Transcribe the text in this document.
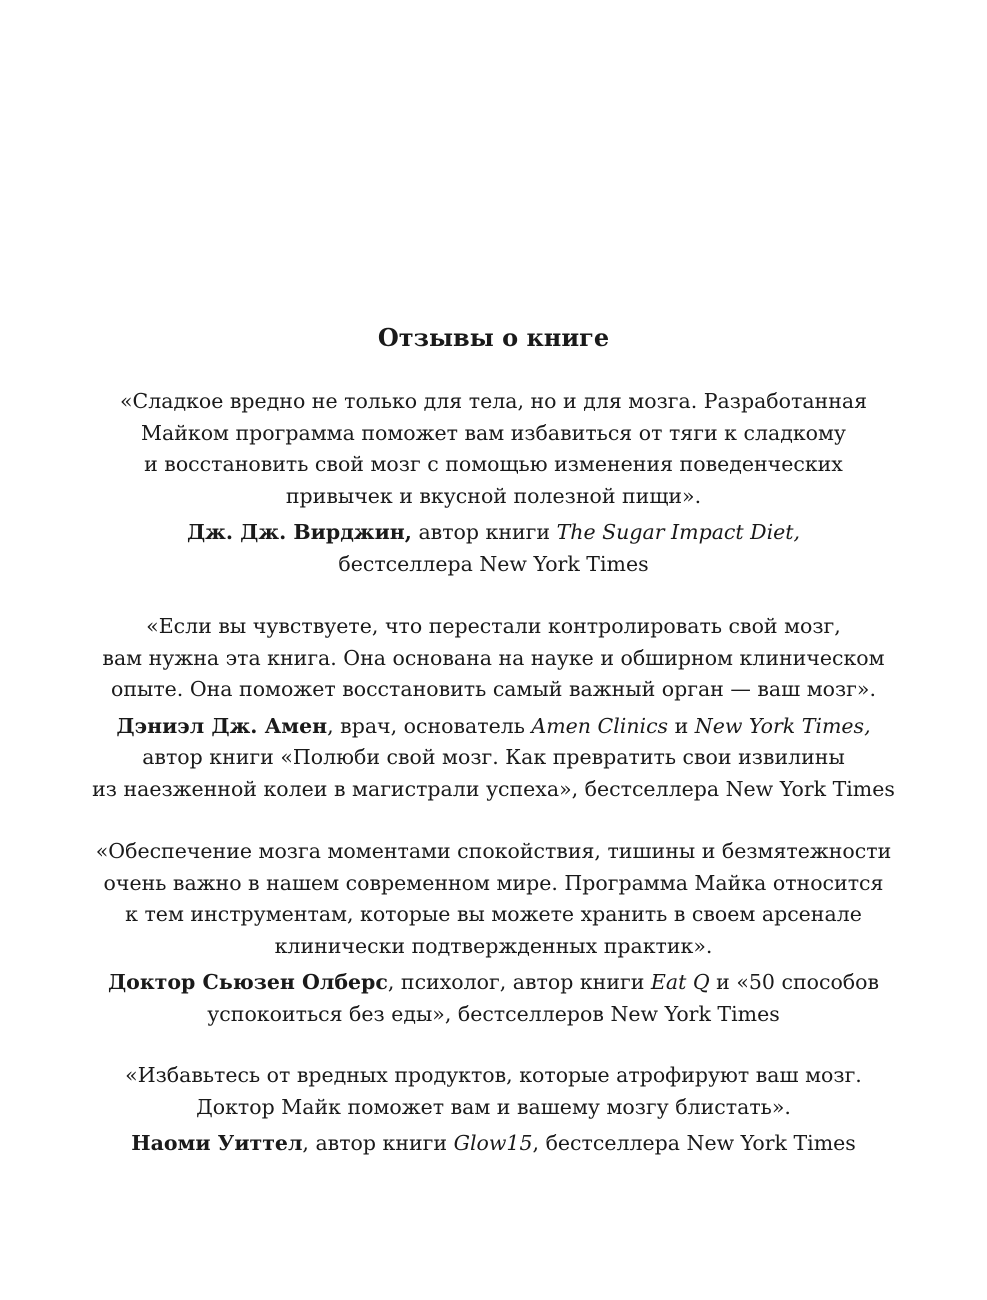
Отзывы о книге
«Сладкое вредно не только для тела, но и для мозга. Разработанная
Майком программа поможет вам избавиться от тяги к сладкому
и восстановить свой мозг с помощью изменения поведенческих
привычек и вкусной полезной пищи».
Дж. Дж. Вирджин, автор книги The Sugar Impact Diet,
бестселлера New York Times
«Если вы чувствуете, что перестали контролировать свой мозг,
вам нужна эта книга. Она основана на науке и обширном клиническом
опыте. Она поможет восстановить самый важный орган — ваш мозг».
Дэниэл Дж. Амен, врач, основатель Amen Clinics и New York Times,
автор книги «Полюби свой мозг. Как превратить свои извилины
из наезженной колеи в магистрали успеха», бестселлера New York Times
«Обеспечение мозга моментами спокойствия, тишины и безмятежности
очень важно в нашем современном мире. Программа Майка относится
к тем инструментам, которые вы можете хранить в своем арсенале
клинически подтвержденных практик».
Доктор Сьюзен Олберс, психолог, автор книги Eat Q и «50 способов
успокоиться без еды», бестселлеров New York Times
«Избавьтесь от вредных продуктов, которые атрофируют ваш мозг.
Доктор Майк поможет вам и вашему мозгу блистать».
Наоми Уиттел, автор книги Glow15, бестселлера New York Times
